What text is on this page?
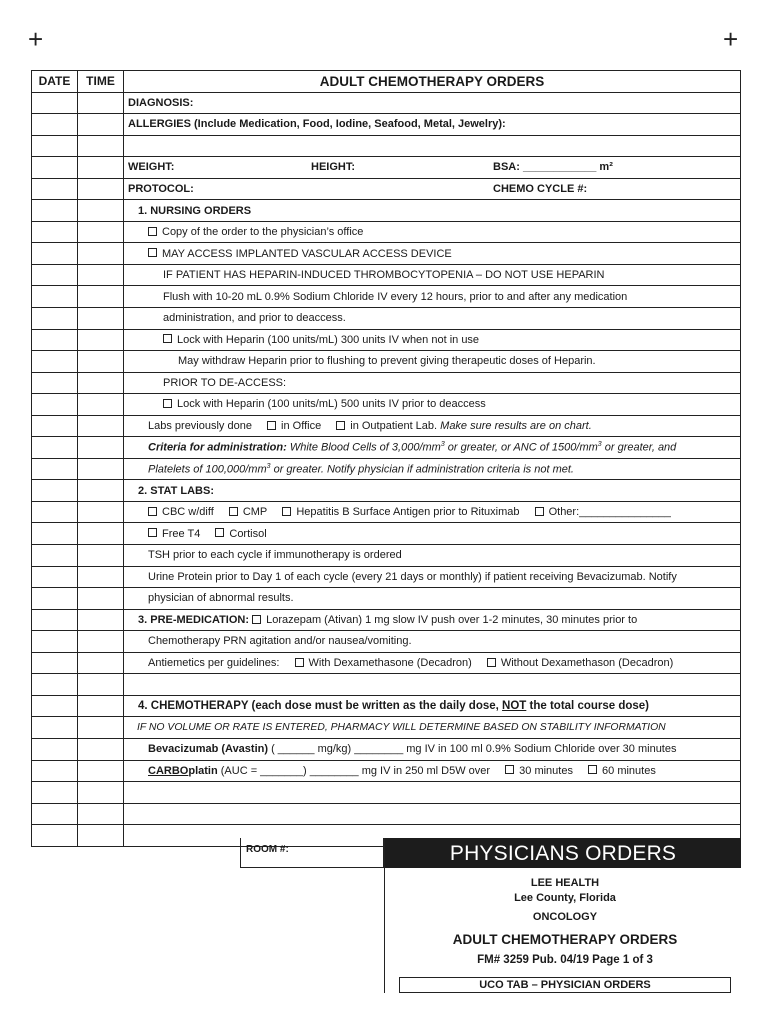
+	+
DATE	TIME	ADULT CHEMOTHERAPY ORDERS
		DIAGNOSIS:
		ALLERGIES (Include Medication, Food, Iodine, Seafood, Metal, Jewelry):

		WEIGHT: HEIGHT: BSA: ____________ m²

		PROTOCOL: CHEMO CYCLE #:

		1. NURSING ORDERS
		Copy of the order to the physician’s office
		MAY ACCESS IMPLANTED VASCULAR ACCESS DEVICE
		IF PATIENT HAS HEPARIN-INDUCED THROMBOCYTOPENIA – DO NOT USE HEPARIN
		Flush with 10-20 mL 0.9% Sodium Chloride IV every 12 hours, prior to and after any medication
		administration, and prior to deaccess.
		Lock with Heparin (100 units/mL) 300 units IV when not in use
		May withdraw Heparin prior to flushing to prevent giving therapeutic doses of Heparin.
		PRIOR TO DE-ACCESS:
		Lock with Heparin (100 units/mL) 500 units IV prior to deaccess
		Labs previously done in Office in Outpatient Lab. Make sure results are on chart.
		Criteria for administration: White Blood Cells of $3,000/mm^3$ or greater, or ANC of $1500/mm^3$ or greater, and
		Platelets of $100,000/mm^3$ or greater. Notify physician if administration criteria is not met.
		2. STAT LABS:
		CBC w/diff CMP Hepatitis B Surface Antigen prior to Rituximab Other:_______________
		Free T4 Cortisol
		TSH prior to each cycle if immunotherapy is ordered
		Urine Protein prior to Day 1 of each cycle (every 21 days or monthly) if patient receiving Bevacizumab. Notify
		physician of abnormal results.
		3. PRE-MEDICATION: Lorazepam (Ativan) 1 mg slow IV push over 1-2 minutes, 30 minutes prior to
		Chemotherapy PRN agitation and/or nausea/vomiting.
		Antiemetics per guidelines: With Dexamethasone (Decadron) Without Dexamethason (Decadron)

		4. CHEMOTHERAPY (each dose must be written as the daily dose, NOT the total course dose)
		IF NO VOLUME OR RATE IS ENTERED, PHARMACY WILL DETERMINE BASED ON STABILITY INFORMATION
		Bevacizumab (Avastin) ( ______ mg/kg) ________ mg IV in 100 ml 0.9% Sodium Chloride over 30 minutes
		CARBOplatin (AUC = _______) ________ mg IV in 250 ml D5W over 30 minutes 60 minutes

ROOM #:	PHYSICIANS ORDERS
LEE HEALTH
Lee County, Florida
ONCOLOGY
ADULT CHEMOTHERAPY ORDERS
FM# 3259 Pub. 04/19 Page 1 of 3
UCO TAB – PHYSICIAN ORDERS
